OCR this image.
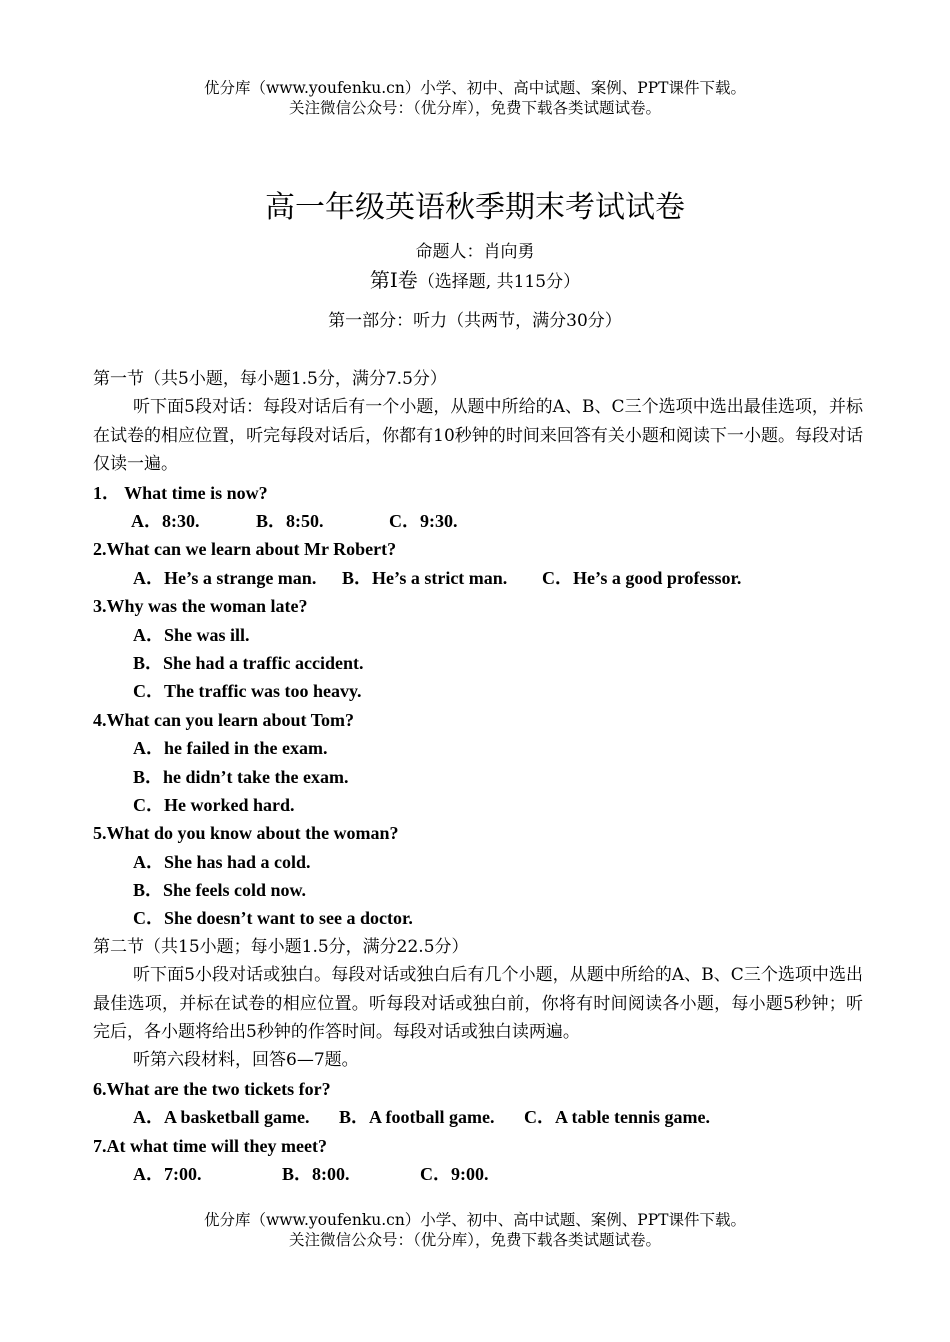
优分库（www.youfenku.cn）小学、初中、高中试题、案例、PPT课件下载。
关注微信公众号：（优分库），免费下载各类试题试卷。
高一年级英语秋季期末考试试卷
命题人：肖向勇
第Ⅰ卷（选择题, 共115分）
第一部分：听力（共两节，满分30分）
第一节（共5小题，每小题1.5分，满分7.5分）
听下面5段对话：每段对话后有一个小题，从题中所给的A、B、C三个选项中选出最佳选项，并标在试卷的相应位置，听完每段对话后，你都有10秒钟的时间来回答有关小题和阅读下一小题。每段对话仅读一遍。
1． What time is now?
A．8:30.	B．8:50.	C．9:30.
2.What can we learn about Mr Robert?
A．He’s a strange man.	B．He’s a strict man.	C．He’s a good professor.
3.Why was the woman late?
A．She was ill.
B．She had a traffic accident.
C．The traffic was too heavy.
4.What can you learn about Tom?
A．he failed in the exam.
B．he didn’t take the exam.
C．He worked hard.
5.What do you know about the woman?
A．She has had a cold.
B．She feels cold now.
C．She doesn’t want to see a doctor.
第二节（共15小题；每小题1.5分，满分22.5分）
听下面5小段对话或独白。每段对话或独白后有几个小题，从题中所给的A、B、C三个选项中选出最佳选项，并标在试卷的相应位置。听每段对话或独白前，你将有时间阅读各小题，每小题5秒钟；听完后，各小题将给出5秒钟的作答时间。每段对话或独白读两遍。
听第六段材料，回答6—7题。
6.What are the two tickets for?
A．A basketball game.	B．A football game.	C．A table tennis game.
7.At what time will they meet?
A．7:00.	B．8:00.	C．9:00.
优分库（www.youfenku.cn）小学、初中、高中试题、案例、PPT课件下载。
关注微信公众号：（优分库），免费下载各类试题试卷。
